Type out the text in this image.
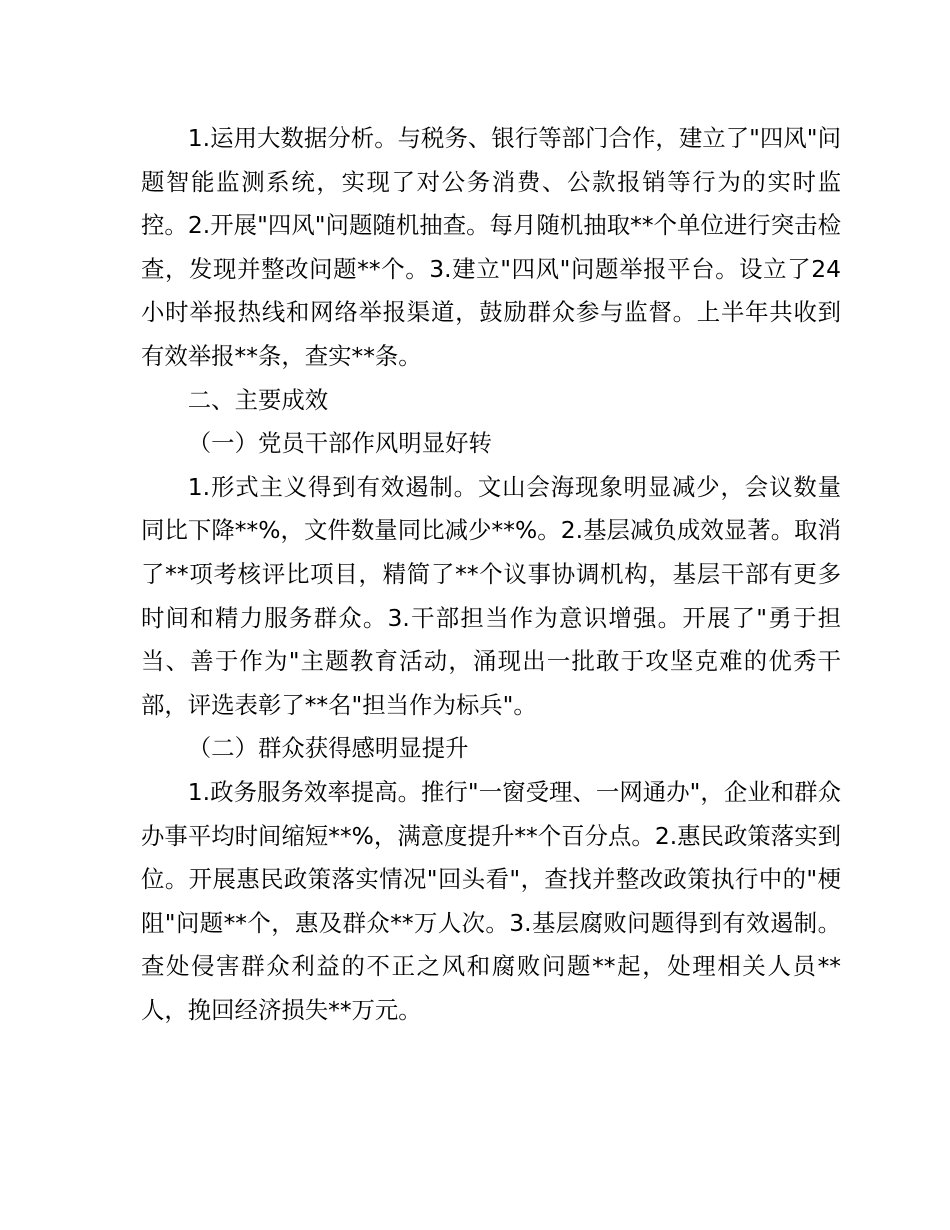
1.运用大数据分析。与税务、银行等部门合作，建立了"四风"问题智能监测系统，实现了对公务消费、公款报销等行为的实时监控。2.开展"四风"问题随机抽查。每月随机抽取**个单位进行突击检查，发现并整改问题**个。3.建立"四风"问题举报平台。设立了24小时举报热线和网络举报渠道，鼓励群众参与监督。上半年共收到有效举报**条，查实**条。

二、主要成效

（一）党员干部作风明显好转

1.形式主义得到有效遏制。文山会海现象明显减少，会议数量同比下降**%，文件数量同比减少**%。2.基层减负成效显著。取消了**项考核评比项目，精简了**个议事协调机构，基层干部有更多时间和精力服务群众。3.干部担当作为意识增强。开展了"勇于担当、善于作为"主题教育活动，涌现出一批敢于攻坚克难的优秀干部，评选表彰了**名"担当作为标兵"。

（二）群众获得感明显提升

1.政务服务效率提高。推行"一窗受理、一网通办"，企业和群众办事平均时间缩短**%，满意度提升**个百分点。2.惠民政策落实到位。开展惠民政策落实情况"回头看"，查找并整改政策执行中的"梗阻"问题**个，惠及群众**万人次。3.基层腐败问题得到有效遏制。查处侵害群众利益的不正之风和腐败问题**起，处理相关人员**人，挽回经济损失**万元。
